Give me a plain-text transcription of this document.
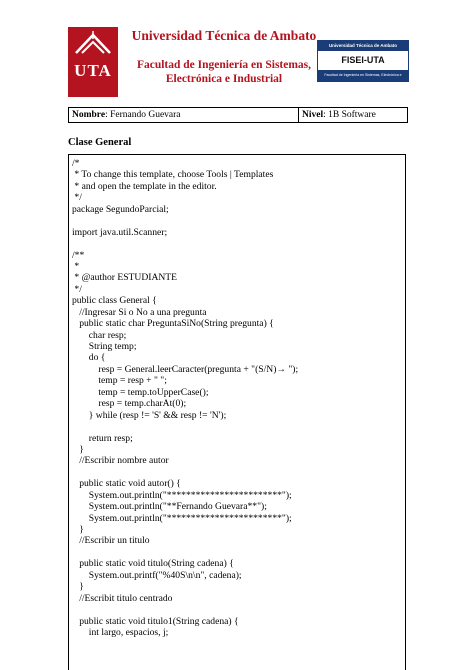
UTA
Universidad Técnica de Ambato
Facultad de Ingeniería en Sistemas,
Electrónica e Industrial
Universidad Técnica de Ambato
FISEI-UTA
Facultad de Ingeniería en Sistemas, Electrónica e Industrial
Nombre: Fernando Guevara	Nivel: 1B Software
Clase General
/*
* To change this template, choose Tools | Templates
* and open the template in the editor.
*/
package SegundoParcial;
import java.util.Scanner;
/**
*
* @author ESTUDIANTE
*/
public class General {
//Ingresar Si o No a una pregunta
public static char PreguntaSiNo(String pregunta) {
char resp;
String temp;
do {
resp = General.leerCaracter(pregunta + "(S/N)→ ");
temp = resp + " ";
temp = temp.toUpperCase();
resp = temp.charAt(0);
} while (resp != 'S' && resp != 'N');
return resp;
}
//Escribir nombre autor
public static void autor() {
System.out.println("************************");
System.out.println("**Fernando Guevara**");
System.out.println("************************");
}
//Escribir un titulo
public static void titulo(String cadena) {
System.out.printf("%40S\n\n", cadena);
}
//Escribit titulo centrado
public static void titulo1(String cadena) {
int largo, espacios, j;
